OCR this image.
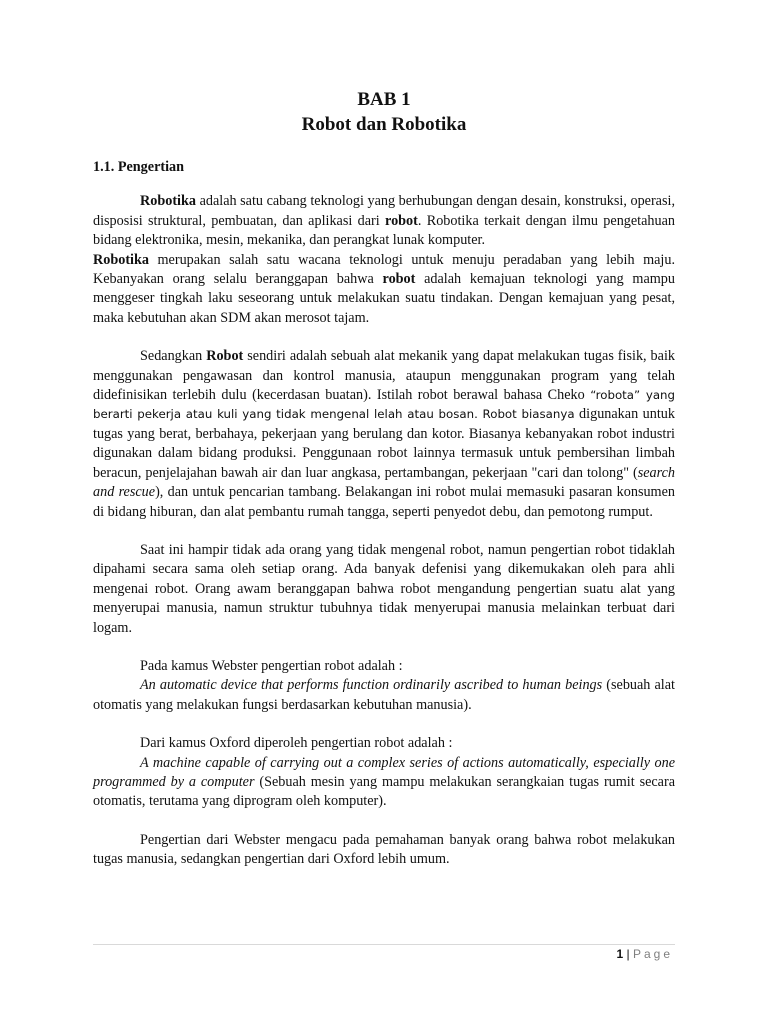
BAB 1
Robot dan Robotika

1.1. Pengertian

Robotika adalah satu cabang teknologi yang berhubungan dengan desain, konstruksi, operasi, disposisi struktural, pembuatan, dan aplikasi dari robot. Robotika terkait dengan ilmu pengetahuan bidang elektronika, mesin, mekanika, dan perangkat lunak komputer.

Robotika merupakan salah satu wacana teknologi untuk menuju peradaban yang lebih maju. Kebanyakan orang selalu beranggapan bahwa robot adalah kemajuan teknologi yang mampu menggeser tingkah laku seseorang untuk melakukan suatu tindakan. Dengan kemajuan yang pesat, maka kebutuhan akan SDM akan merosot tajam.

Sedangkan Robot sendiri adalah sebuah alat mekanik yang dapat melakukan tugas fisik, baik menggunakan pengawasan dan kontrol manusia, ataupun menggunakan program yang telah didefinisikan terlebih dulu (kecerdasan buatan). Istilah robot berawal bahasa Cheko “robota” yang berarti pekerja atau kuli yang tidak mengenal lelah atau bosan. Robot biasanya digunakan untuk tugas yang berat, berbahaya, pekerjaan yang berulang dan kotor. Biasanya kebanyakan robot industri digunakan dalam bidang produksi. Penggunaan robot lainnya termasuk untuk pembersihan limbah beracun, penjelajahan bawah air dan luar angkasa, pertambangan, pekerjaan "cari dan tolong" (search and rescue), dan untuk pencarian tambang. Belakangan ini robot mulai memasuki pasaran konsumen di bidang hiburan, dan alat pembantu rumah tangga, seperti penyedot debu, dan pemotong rumput.

Saat ini hampir tidak ada orang yang tidak mengenal robot, namun pengertian robot tidaklah dipahami secara sama oleh setiap orang. Ada banyak defenisi yang dikemukakan oleh para ahli mengenai robot. Orang awam beranggapan bahwa robot mengandung pengertian suatu alat yang menyerupai manusia, namun struktur tubuhnya tidak menyerupai manusia melainkan terbuat dari logam.

Pada kamus Webster pengertian robot adalah :

An automatic device that performs function ordinarily ascribed to human beings (sebuah alat otomatis yang melakukan fungsi berdasarkan kebutuhan manusia).

Dari kamus Oxford diperoleh pengertian robot adalah :

A machine capable of carrying out a complex series of actions automatically, especially one programmed by a computer (Sebuah mesin yang mampu melakukan serangkaian tugas rumit secara otomatis, terutama yang diprogram oleh komputer).

Pengertian dari Webster mengacu pada pemahaman banyak orang bahwa robot melakukan tugas manusia, sedangkan pengertian dari Oxford lebih umum.

1 | Page
